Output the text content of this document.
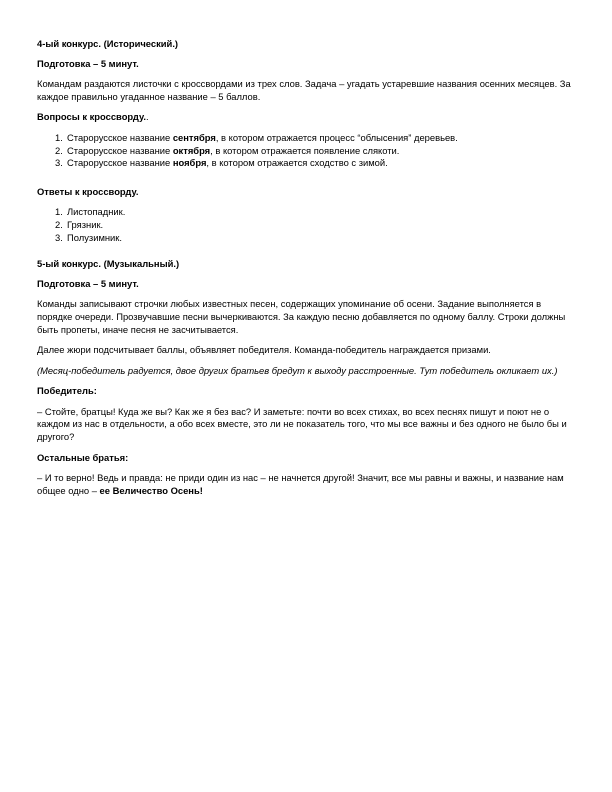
4-ый конкурс. (Исторический.)

Подготовка – 5 минут.

Командам раздаются листочки с кроссвордами из трех слов. Задача – угадать устаревшие названия осенних месяцев. За каждое правильно угаданное название – 5 баллов.

Вопросы к кроссворду..

1. Старорусское название сентября, в котором отражается процесс “облысения” деревьев.
2. Старорусское название октября, в котором отражается появление слякоти.
3. Старорусское название ноября, в котором отражается сходство с зимой.

Ответы к кроссворду.

1. Листопадник.
2. Грязник.
3. Полузимник.

5-ый конкурс. (Музыкальный.)

Подготовка – 5 минут.

Команды записывают строчки любых известных песен, содержащих упоминание об осени. Задание выполняется в порядке очереди. Прозвучавшие песни вычеркиваются. За каждую песню добавляется по одному баллу. Строки должны быть пропеты, иначе песня не засчитывается.

Далее жюри подсчитывает баллы, объявляет победителя. Команда-победитель награждается призами.

(Месяц-победитель радуется, двое других братьев бредут к выходу расстроенные. Тут победитель окликает их.)

Победитель:

– Стойте, братцы! Куда же вы? Как же я без вас? И заметьте: почти во всех стихах, во всех песнях пишут и поют не о каждом из нас в отдельности, а обо всех вместе, это ли не показатель того, что мы все важны и без одного не было бы и другого?

Остальные братья:

– И то верно! Ведь и правда: не приди один из нас – не начнется другой! Значит, все мы равны и важны, и название нам общее одно – ее Величество Осень!
